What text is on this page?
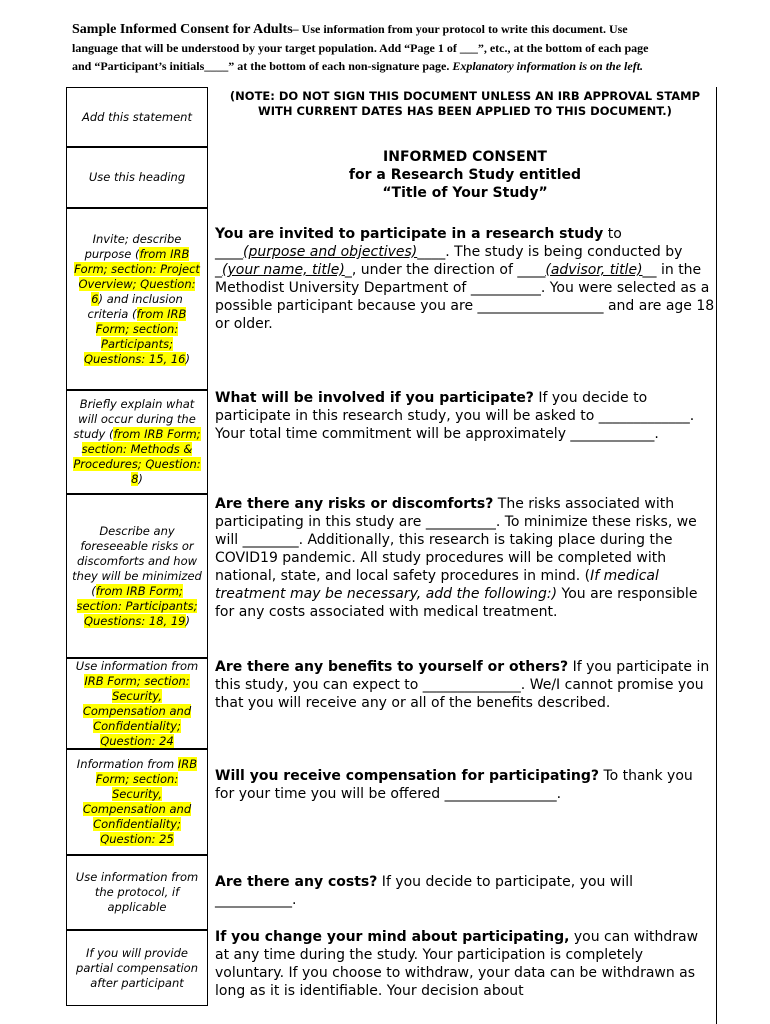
Sample Informed Consent for Adults– Use information from your protocol to write this document. Use
language that will be understood by your target population. Add “Page 1 of ___”, etc., at the bottom of each page
and “Participant’s initials____” at the bottom of each non-signature page. Explanatory information is on the left.
Add this statement
Use this heading
Invite; describe purpose (from IRB Form; section: Project Overview; Question: 6) and inclusion criteria (from IRB Form; section: Participants; Questions: 15, 16)
Briefly explain what will occur during the study (from IRB Form; section: Methods & Procedures; Question: 8)
Describe any foreseeable risks or discomforts and how they will be minimized (from IRB Form; section: Participants; Questions: 18, 19)
Use information from IRB Form; section: Security, Compensation and Confidentiality; Question: 24
Information from IRB Form; section: Security, Compensation and Confidentiality; Question: 25
Use information from the protocol, if applicable
If you will provide partial compensation after participant
(NOTE: DO NOT SIGN THIS DOCUMENT UNLESS AN IRB APPROVAL STAMP WITH CURRENT DATES HAS BEEN APPLIED TO THIS DOCUMENT.)
INFORMED CONSENT
for a Research Study entitled
“Title of Your Study”
You are invited to participate in a research study to ____(purpose and objectives)____. The study is being conducted by _(your name, title)_, under the direction of ____(advisor, title)__ in the Methodist University Department of __________. You were selected as a possible participant because you are __________________ and are age 18 or older.
What will be involved if you participate? If you decide to participate in this research study, you will be asked to _____________. Your total time commitment will be approximately ____________.
Are there any risks or discomforts? The risks associated with participating in this study are __________. To minimize these risks, we will ________. Additionally, this research is taking place during the COVID19 pandemic. All study procedures will be completed with national, state, and local safety procedures in mind. (If medical treatment may be necessary, add the following:) You are responsible for any costs associated with medical treatment.
Are there any benefits to yourself or others? If you participate in this study, you can expect to ______________. We/I cannot promise you that you will receive any or all of the benefits described.
Will you receive compensation for participating? To thank you for your time you will be offered ________________.
Are there any costs? If you decide to participate, you will ___________.
If you change your mind about participating, you can withdraw at any time during the study. Your participation is completely voluntary. If you choose to withdraw, your data can be withdrawn as long as it is identifiable. Your decision about
